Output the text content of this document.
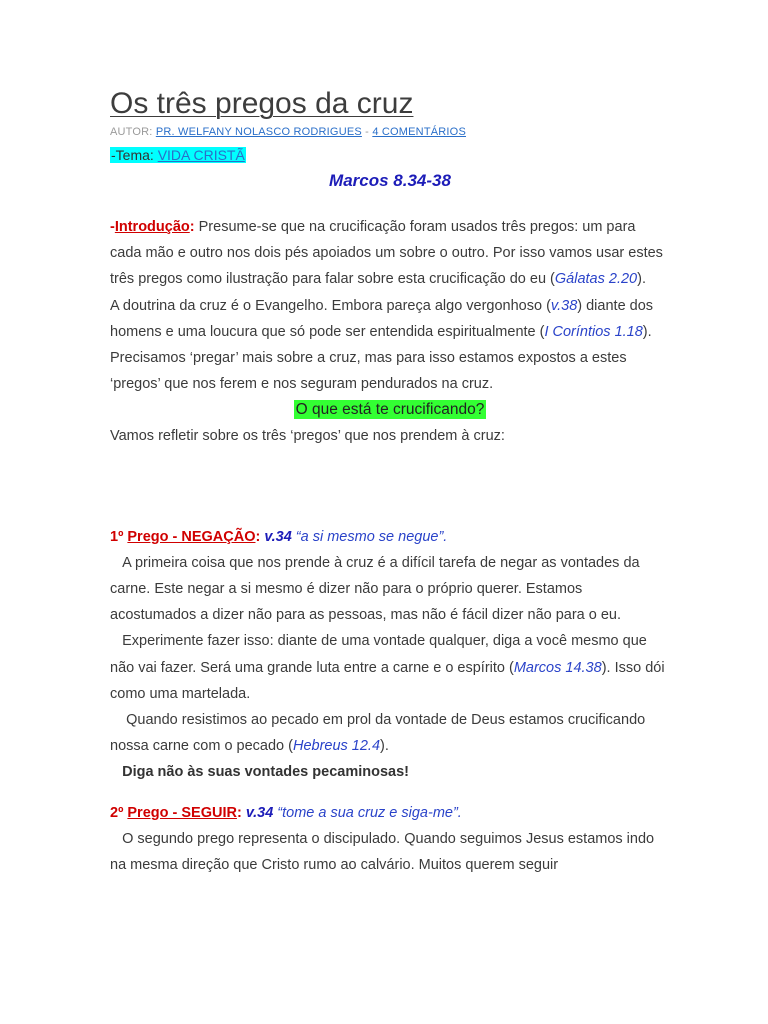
Os três pregos da cruz
AUTOR: PR. WELFANY NOLASCO RODRIGUES - 4 COMENTÁRIOS
-Tema: VIDA CRISTÃ
Marcos 8.34-38

-Introdução: Presume-se que na crucificação foram usados três pregos: um para cada mão e outro nos dois pés apoiados um sobre o outro. Por isso vamos usar estes três pregos como ilustração para falar sobre esta crucificação do eu (Gálatas 2.20).

A doutrina da cruz é o Evangelho. Embora pareça algo vergonhoso (v.38) diante dos homens e uma loucura que só pode ser entendida espiritualmente (I Coríntios 1.18). Precisamos ‘pregar’ mais sobre a cruz, mas para isso estamos expostos a estes ‘pregos’ que nos ferem e nos seguram pendurados na cruz.

O que está te crucificando?

Vamos refletir sobre os três ‘pregos’ que nos prendem à cruz:

1º Prego - NEGAÇÃO: v.34 “a si mesmo se negue”.

A primeira coisa que nos prende à cruz é a difícil tarefa de negar as vontades da carne. Este negar a si mesmo é dizer não para o próprio querer. Estamos acostumados a dizer não para as pessoas, mas não é fácil dizer não para o eu.

Experimente fazer isso: diante de uma vontade qualquer, diga a você mesmo que não vai fazer. Será uma grande luta entre a carne e o espírito (Marcos 14.38). Isso dói como uma martelada.

Quando resistimos ao pecado em prol da vontade de Deus estamos crucificando nossa carne com o pecado (Hebreus 12.4).

Diga não às suas vontades pecaminosas!

2º Prego - SEGUIR: v.34 “tome a sua cruz e siga-me”.

O segundo prego representa o discipulado. Quando seguimos Jesus estamos indo na mesma direção que Cristo rumo ao calvário. Muitos querem seguir
